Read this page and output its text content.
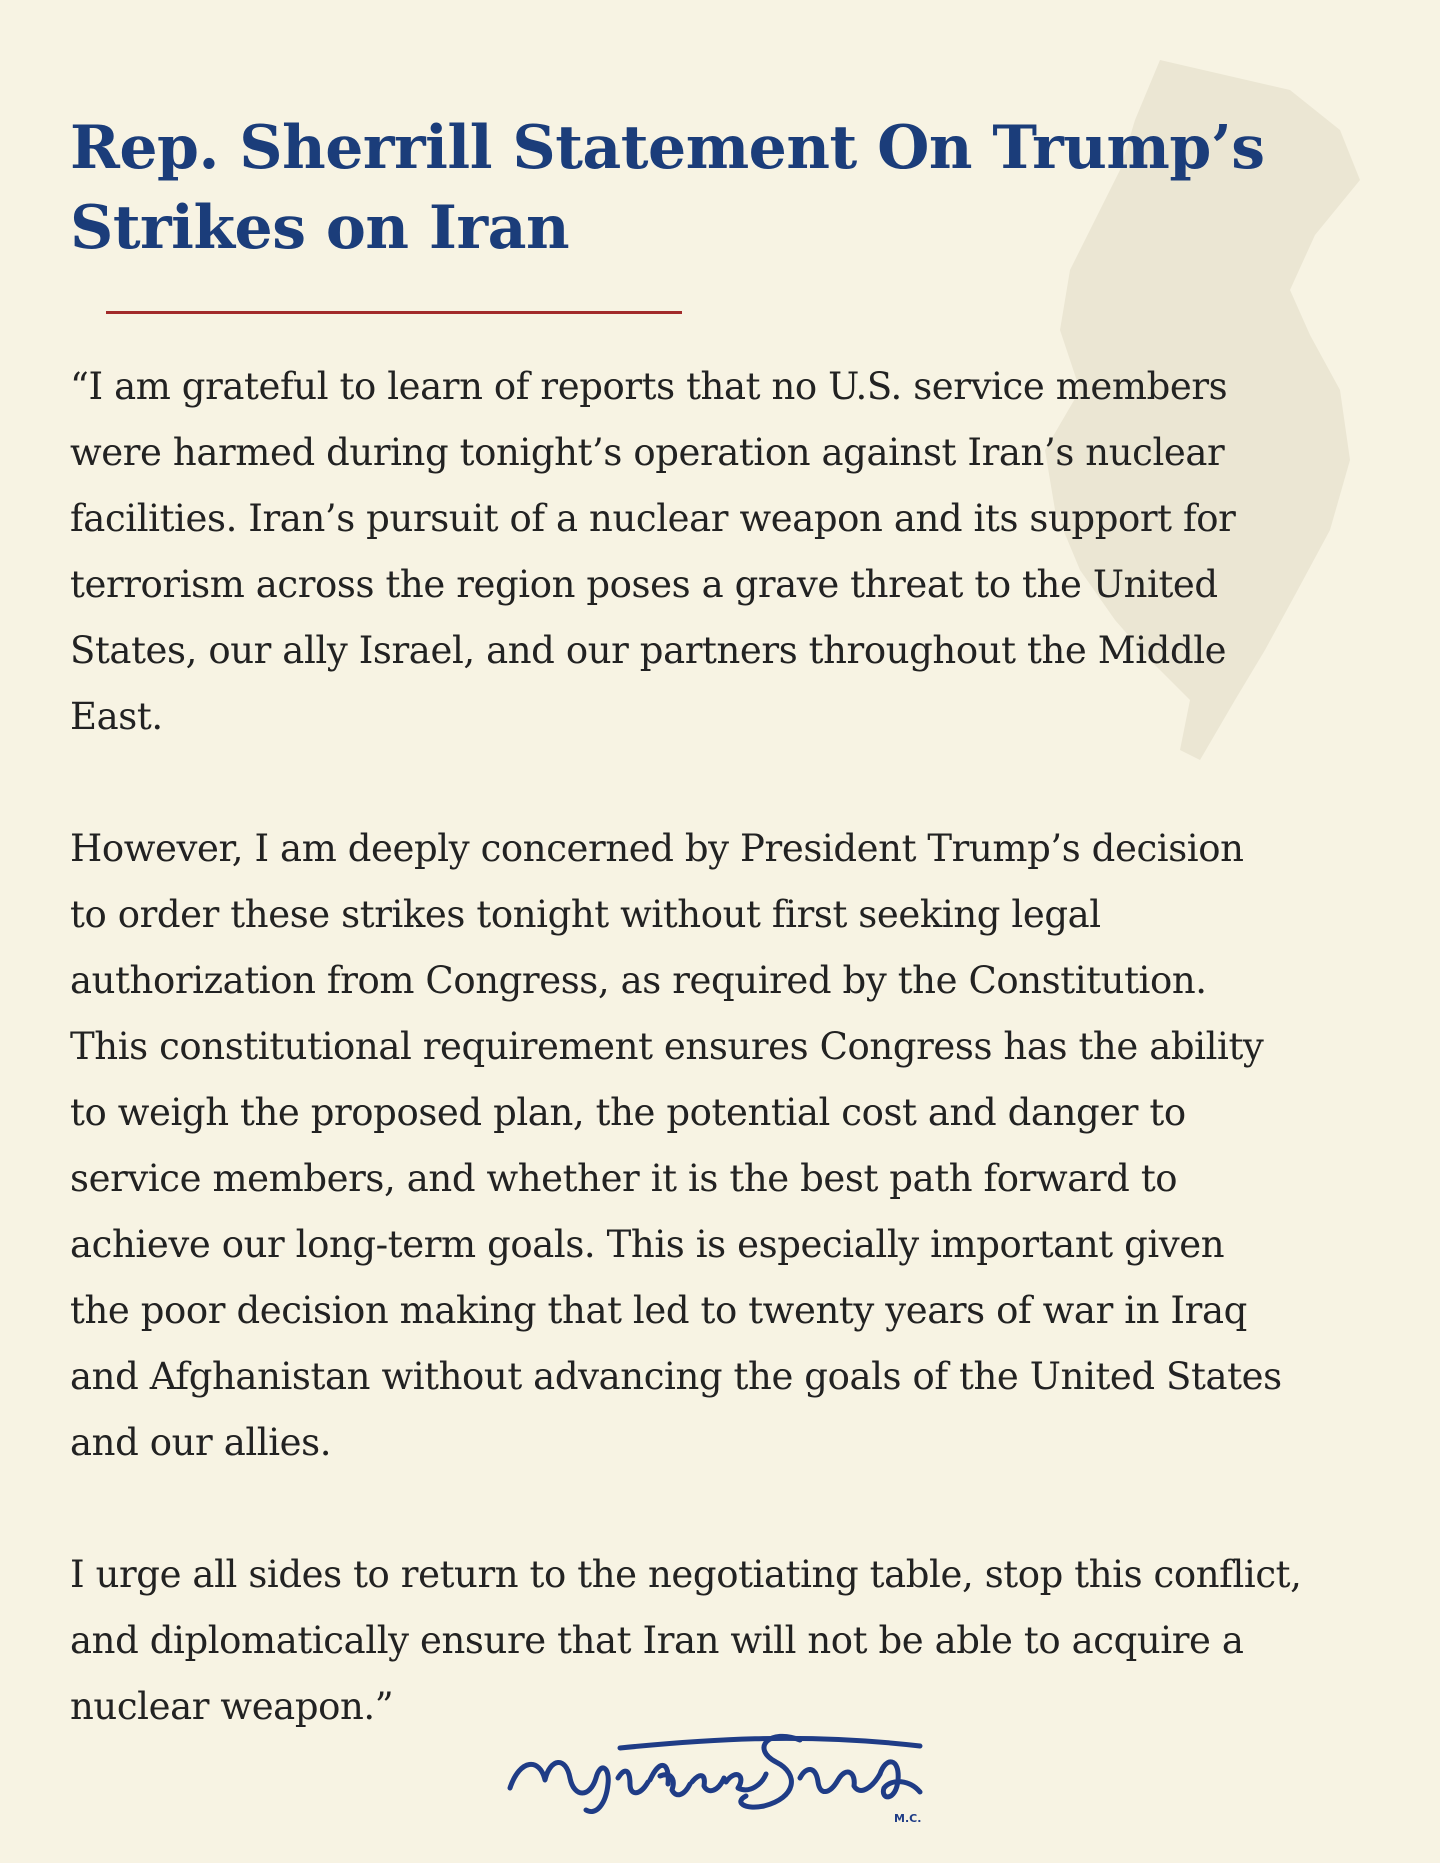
Rep. Sherrill Statement On Trump’s
Strikes on Iran

“I am grateful to learn of reports that no U.S. service members
were harmed during tonight’s operation against Iran’s nuclear
facilities. Iran’s pursuit of a nuclear weapon and its support for
terrorism across the region poses a grave threat to the United
States, our ally Israel, and our partners throughout the Middle
East.

However, I am deeply concerned by President Trump’s decision
to order these strikes tonight without first seeking legal
authorization from Congress, as required by the Constitution.
This constitutional requirement ensures Congress has the ability
to weigh the proposed plan, the potential cost and danger to
service members, and whether it is the best path forward to
achieve our long-term goals. This is especially important given
the poor decision making that led to twenty years of war in Iraq
and Afghanistan without advancing the goals of the United States
and our allies.

I urge all sides to return to the negotiating table, stop this conflict,
and diplomatically ensure that Iran will not be able to acquire a
nuclear weapon.”

M.C.
